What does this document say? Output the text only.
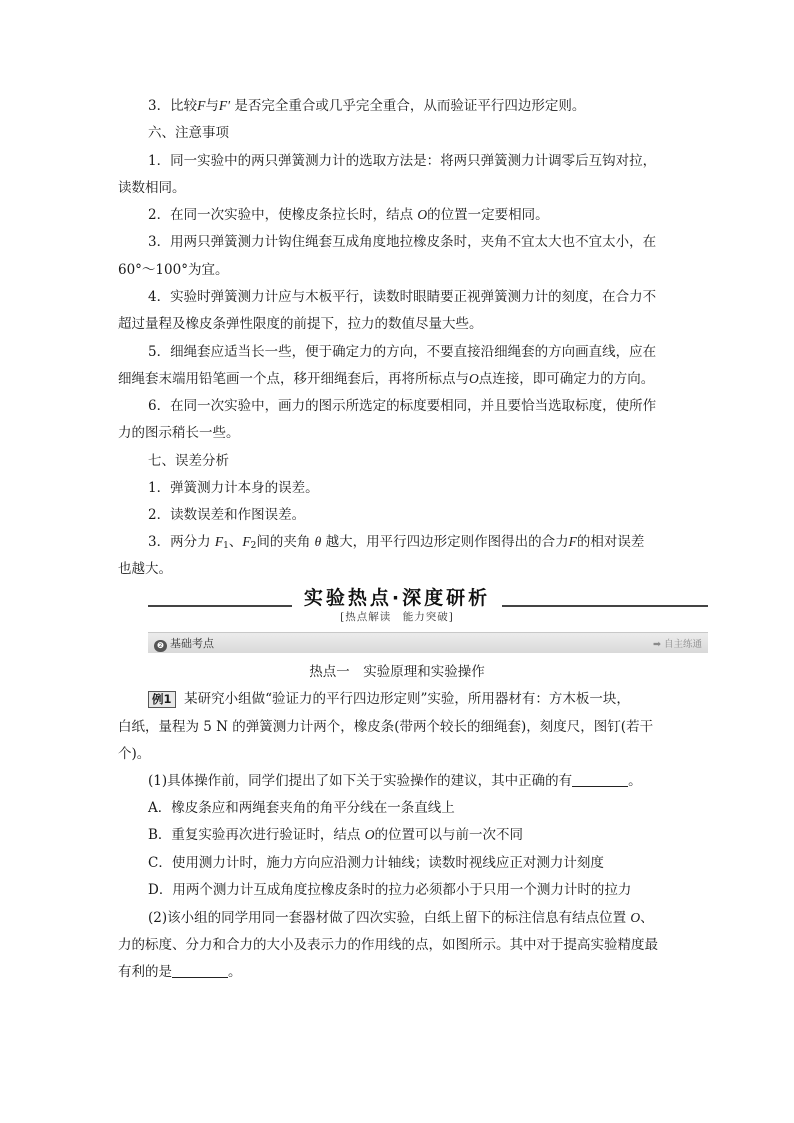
3．比较F与F′ 是否完全重合或几乎完全重合，从而验证平行四边形定则。
六、注意事项
1．同一实验中的两只弹簧测力计的选取方法是：将两只弹簧测力计调零后互钩对拉，
读数相同。
2．在同一次实验中，使橡皮条拉长时，结点 O的位置一定要相同。
3．用两只弹簧测力计钩住绳套互成角度地拉橡皮条时，夹角不宜太大也不宜太小，在
60°～100°为宜。
4．实验时弹簧测力计应与木板平行，读数时眼睛要正视弹簧测力计的刻度，在合力不
超过量程及橡皮条弹性限度的前提下，拉力的数值尽量大些。
5．细绳套应适当长一些，便于确定力的方向，不要直接沿细绳套的方向画直线，应在
细绳套末端用铅笔画一个点，移开细绳套后，再将所标点与O点连接，即可确定力的方向。
6．在同一次实验中，画力的图示所选定的标度要相同，并且要恰当选取标度，使所作
力的图示稍长一些。
七、误差分析
1．弹簧测力计本身的误差。
2．读数误差和作图误差。
3．两分力 $F_1$、$F_2$间的夹角 θ 越大，用平行四边形定则作图得出的合力F的相对误差
也越大。
实验热点·深度研析
[热点解读　能力突破]
❷ 基础考点	➡ 自主练通
热点一　实验原理和实验操作
例1 某研究小组做“验证力的平行四边形定则”实验，所用器材有：方木板一块，
白纸，量程为 5 N 的弹簧测力计两个，橡皮条(带两个较长的细绳套)，刻度尺，图钉(若干
个)。
(1)具体操作前，同学们提出了如下关于实验操作的建议，其中正确的有	。
A．橡皮条应和两绳套夹角的角平分线在一条直线上
B．重复实验再次进行验证时，结点 O的位置可以与前一次不同
C．使用测力计时，施力方向应沿测力计轴线；读数时视线应正对测力计刻度
D．用两个测力计互成角度拉橡皮条时的拉力必须都小于只用一个测力计时的拉力
(2)该小组的同学用同一套器材做了四次实验，白纸上留下的标注信息有结点位置 O、
力的标度、分力和合力的大小及表示力的作用线的点，如图所示。其中对于提高实验精度最
有利的是	。
